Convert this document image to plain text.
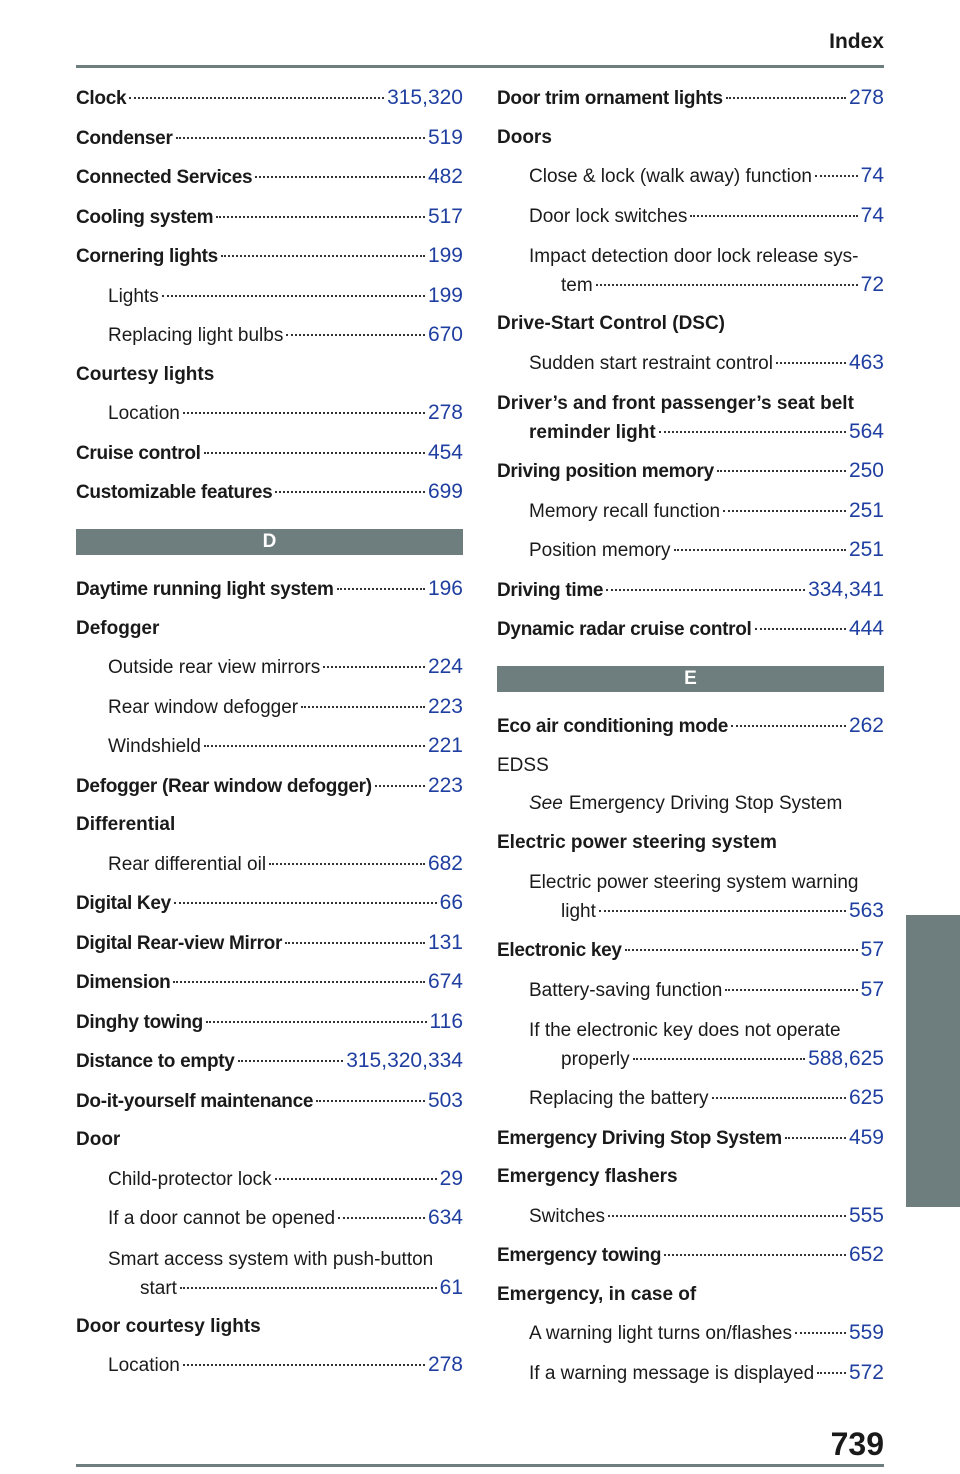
Index
Clock	315,320
Condenser	519
Connected Services	482
Cooling system	517
Cornering lights	199
Lights	199
Replacing light bulbs	670
Courtesy lights
Location	278
Cruise control	454
Customizable features	699
D
Daytime running light system	196
Defogger
Outside rear view mirrors	224
Rear window defogger	223
Windshield	221
Defogger (Rear window defogger)	223
Differential
Rear differential oil	682
Digital Key	66
Digital Rear-view Mirror	131
Dimension	674
Dinghy towing	116
Distance to empty	315,320,334
Do-it-yourself maintenance	503
Door
Child-protector lock	29
If a door cannot be opened	634
Smart access system with push-button
start	61
Door courtesy lights
Location	278
Door trim ornament lights	278
Doors
Close & lock (walk away) function 74
Door lock switches	74
Impact detection door lock release sys-
tem	72
Drive-Start Control (DSC)
Sudden start restraint control	463
Driver’s and front passenger’s seat belt
reminder light	564
Driving position memory	250
Memory recall function	251
Position memory	251
Driving time	334,341
Dynamic radar cruise control	444
E
Eco air conditioning mode	262
EDSS
See Emergency Driving Stop System
Electric power steering system
Electric power steering system warning
light	563
Electronic key	57
Battery-saving function	57
If the electronic key does not operate
properly	588,625
Replacing the battery	625
Emergency Driving Stop System	459
Emergency flashers
Switches	555
Emergency towing	652
Emergency, in case of
A warning light turns on/flashes	559
If a warning message is displayed 572
739
